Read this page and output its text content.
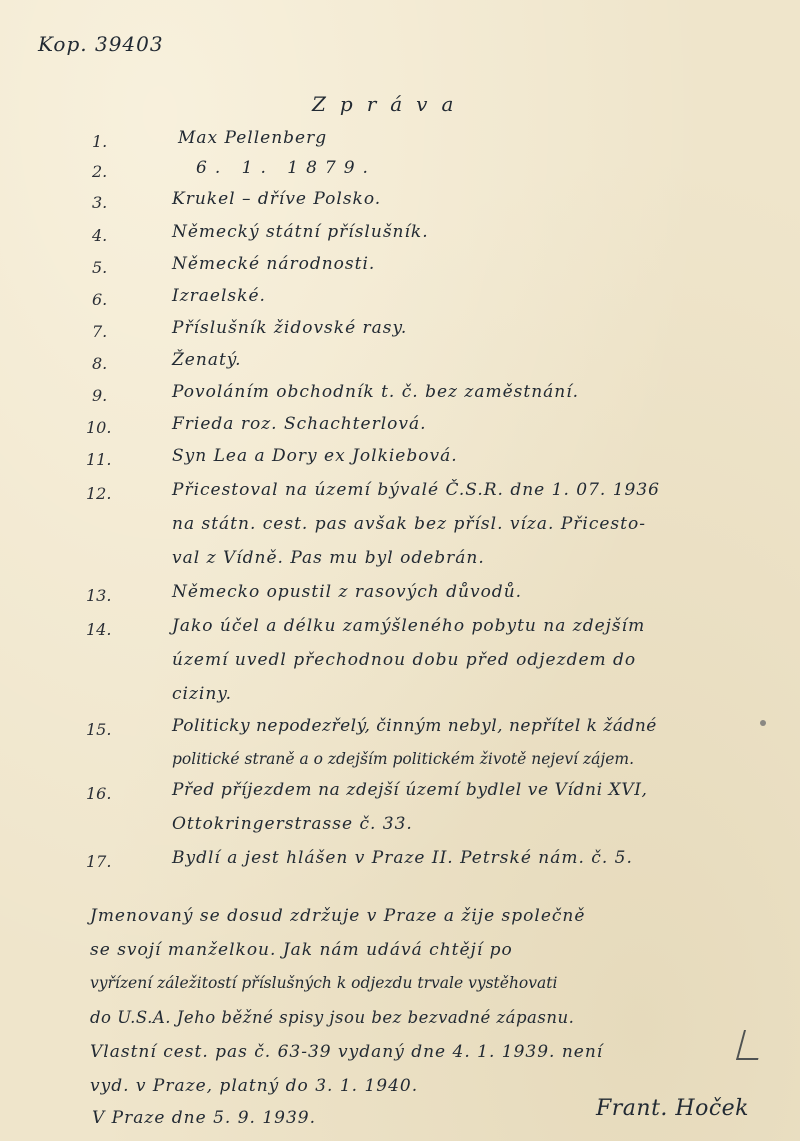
Kop. 39403
Zpráva
1.	Max Pellenberg
2.	6. 1. 1879.
3.	Krukel – dříve Polsko.
4.	Německý státní příslušník.
5.	Německé národnosti.
6.	Izraelské.
7.	Příslušník židovské rasy.
8.	Ženatý.
9.	Povoláním obchodník t. č. bez zaměstnání.
10.	Frieda roz. Schachterlová.
11.	Syn Lea a Dory ex Jolkiebová.
12.	Přicestoval na území bývalé Č.S.R. dne 1. 07. 1936
na státn. cest. pas avšak bez přísl. víza. Přicesto-
val z Vídně. Pas mu byl odebrán.
13.	Německo opustil z rasových důvodů.
14.	Jako účel a délku zamýšleného pobytu na zdejším
území uvedl přechodnou dobu před odjezdem do
ciziny.
15.	Politicky nepodezřelý, činným nebyl, nepřítel k žádné
politické straně a o zdejším politickém životě nejeví zájem.
16.	Před příjezdem na zdejší území bydlel ve Vídni XVI,
Ottokringerstrasse č. 33.
17.	Bydlí a jest hlášen v Praze II. Petrské nám. č. 5.
Jmenovaný se dosud zdržuje v Praze a žije společně
se svojí manželkou. Jak nám udává chtějí po
vyřízení záležitostí příslušných k odjezdu trvale vystěhovati
do U.S.A. Jeho běžné spisy jsou bez bezvadné zápasnu.
Vlastní cest. pas č. 63-39 vydaný dne 4. 1. 1939. není
vyd. v Praze, platný do 3. 1. 1940.
V Praze dne 5. 9. 1939.	Frant. Hoček
